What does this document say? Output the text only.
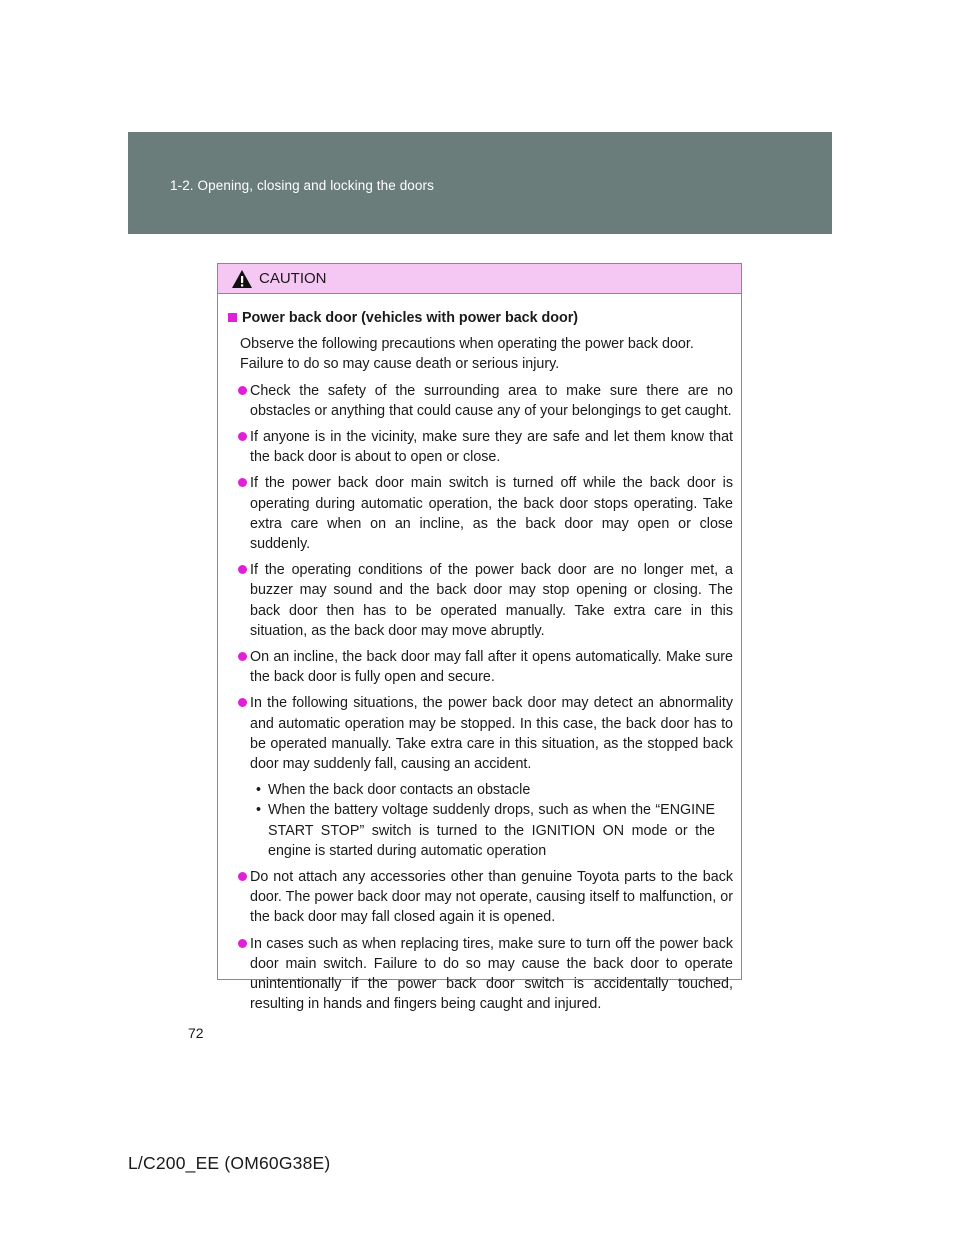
1-2. Opening, closing and locking the doors
CAUTION
Power back door (vehicles with power back door)
Observe the following precautions when operating the power back door.
Failure to do so may cause death or serious injury.
Check the safety of the surrounding area to make sure there are no obstacles or anything that could cause any of your belongings to get caught.
If anyone is in the vicinity, make sure they are safe and let them know that the back door is about to open or close.
If the power back door main switch is turned off while the back door is operating during automatic operation, the back door stops operating. Take extra care when on an incline, as the back door may open or close suddenly.
If the operating conditions of the power back door are no longer met, a buzzer may sound and the back door may stop opening or closing. The back door then has to be operated manually. Take extra care in this situation, as the back door may move abruptly.
On an incline, the back door may fall after it opens automatically. Make sure the back door is fully open and secure.
In the following situations, the power back door may detect an abnormality and automatic operation may be stopped. In this case, the back door has to be operated manually. Take extra care in this situation, as the stopped back door may suddenly fall, causing an accident.
• When the back door contacts an obstacle
• When the battery voltage suddenly drops, such as when the “ENGINE START STOP” switch is turned to the IGNITION ON mode or the engine is started during automatic operation
Do not attach any accessories other than genuine Toyota parts to the back door. The power back door may not operate, causing itself to malfunction, or the back door may fall closed again it is opened.
In cases such as when replacing tires, make sure to turn off the power back door main switch. Failure to do so may cause the back door to operate unintentionally if the power back door switch is accidentally touched, resulting in hands and fingers being caught and injured.
72
L/C200_EE (OM60G38E)
